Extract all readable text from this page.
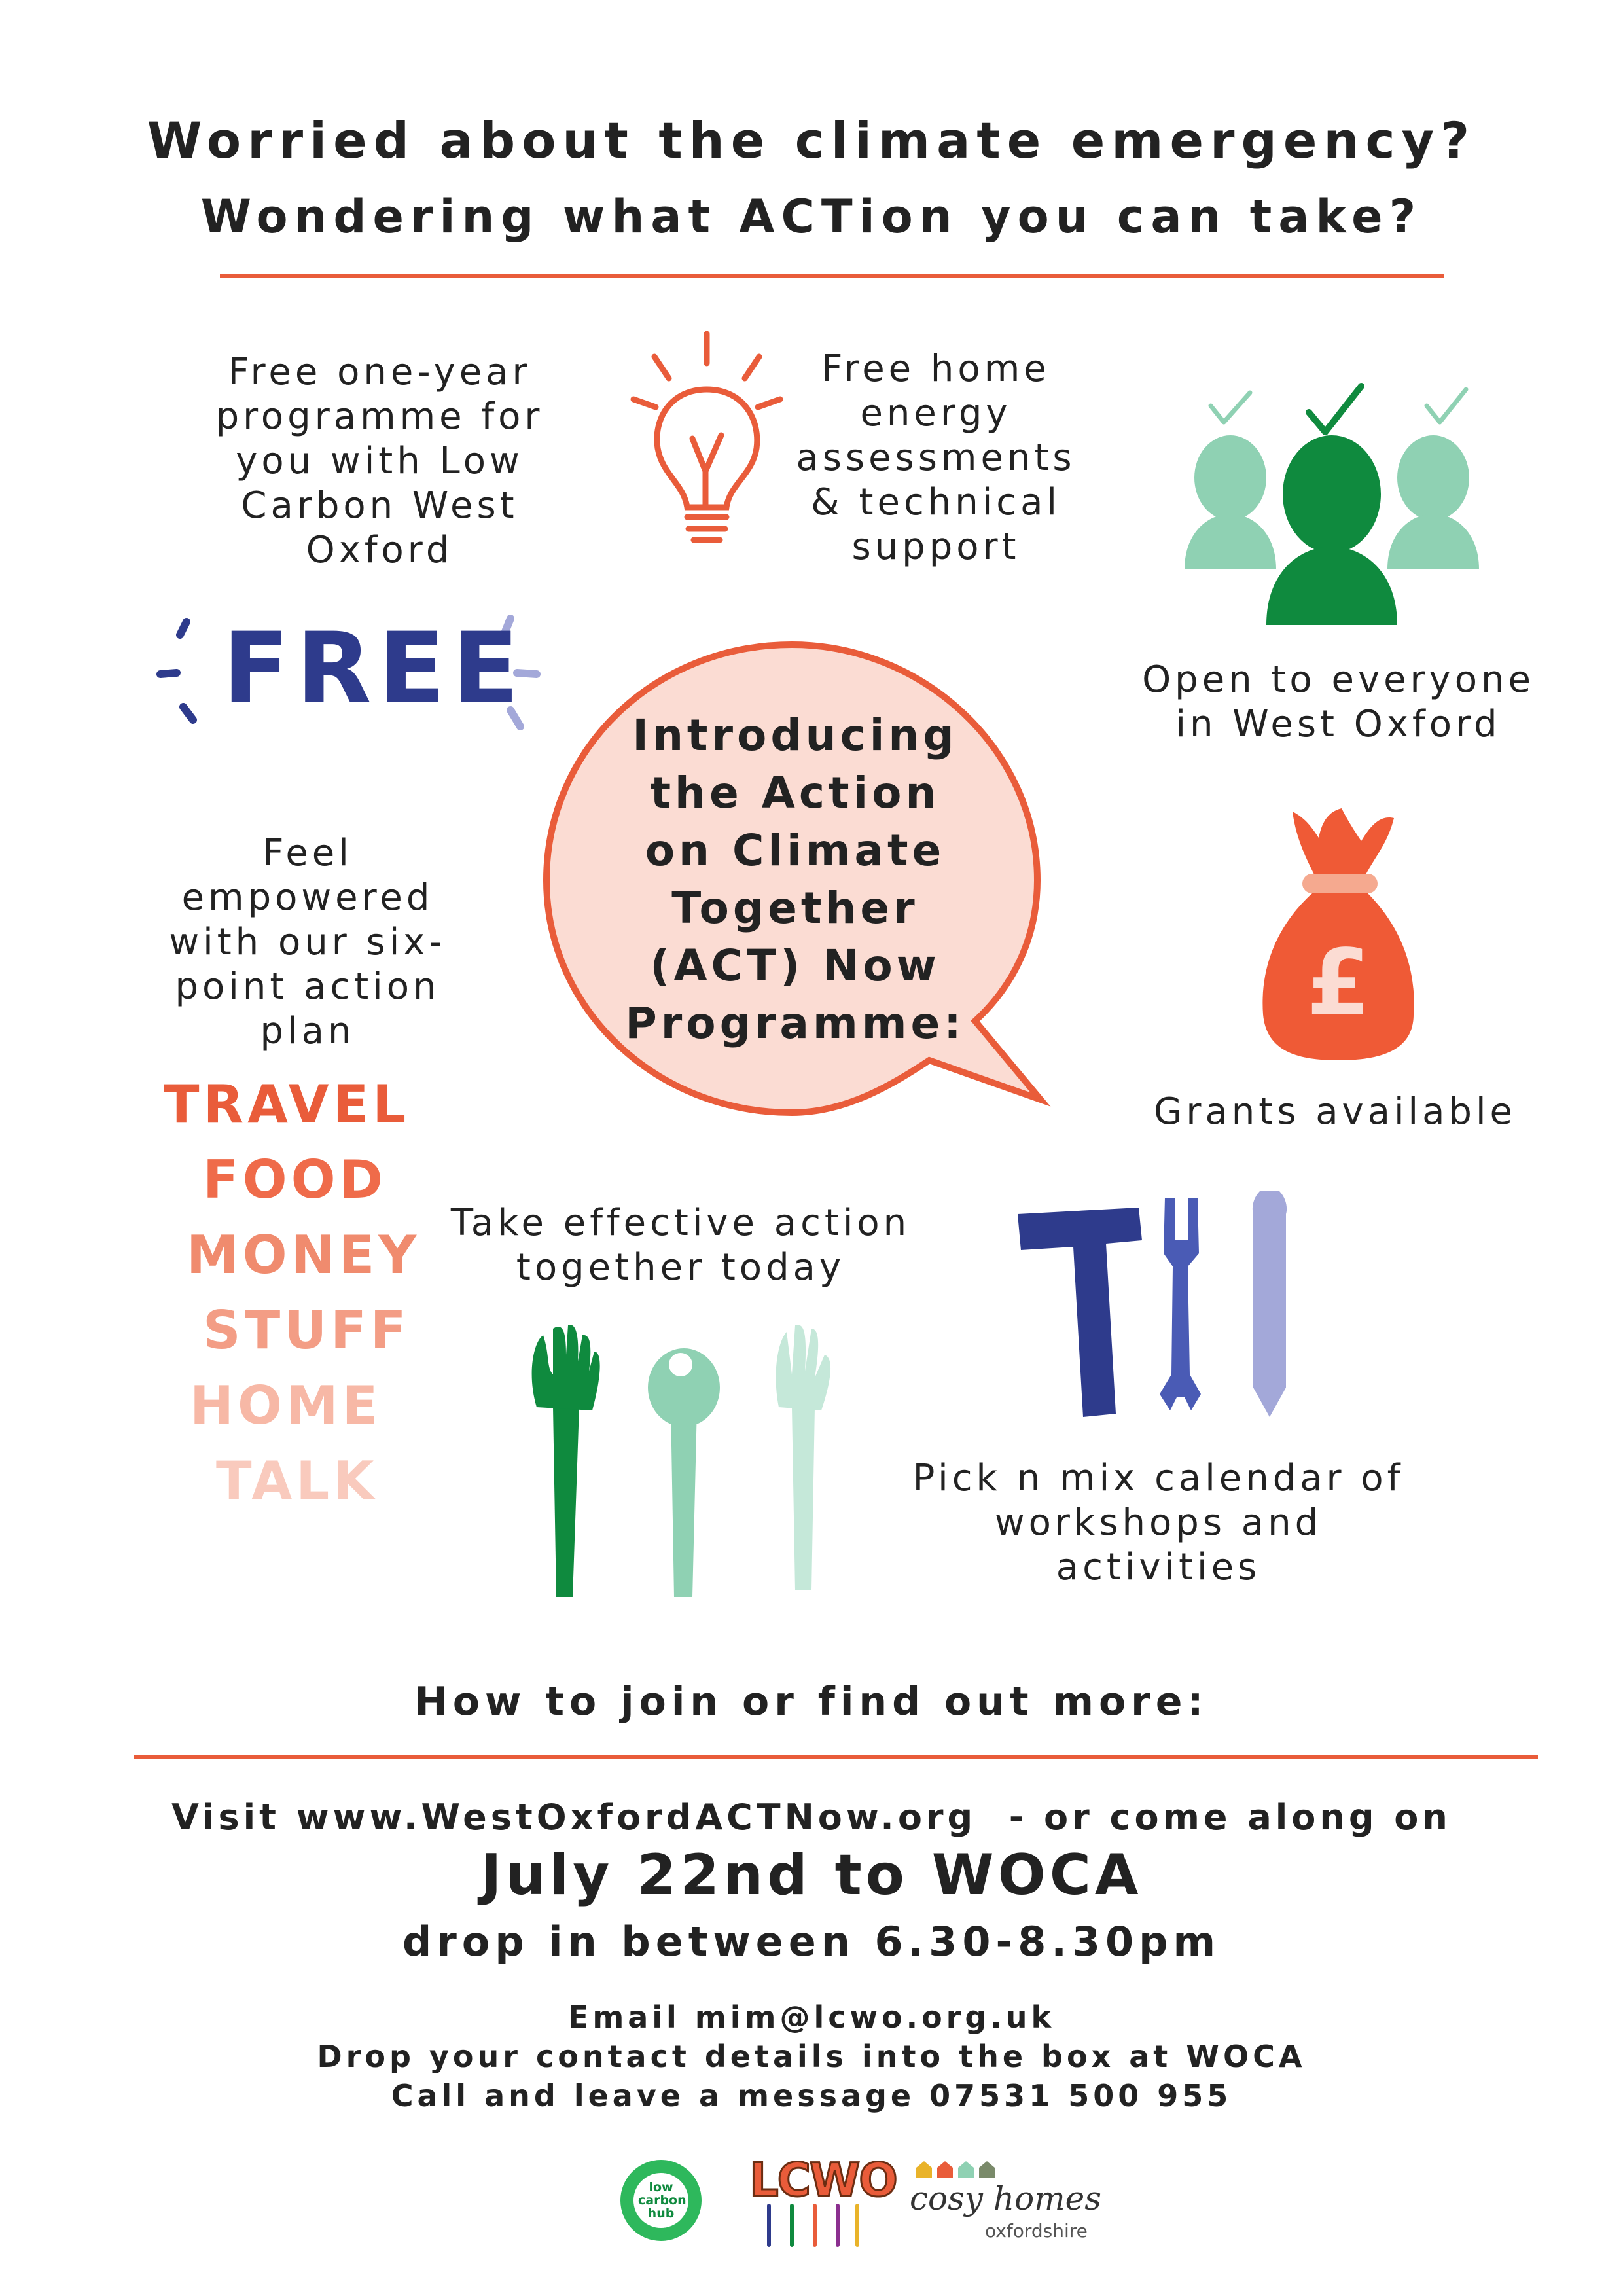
Worried about the climate emergency?
Wondering what ACTion you can take?
Free one-year programme for you with Low Carbon West Oxford
Free home energy assessments & technical support
Open to everyone in West Oxford
FREE
Feel empowered with our six-point action plan
TRAVEL
FOOD
MONEY
STUFF
HOME
TALK
Introducing the Action on Climate Together (ACT) Now Programme:	£
Grants available
Take effective action together today
Pick n mix calendar of workshops and activities
How to join or find out more:
Visit www.WestOxfordACTNow.org  - or come along on
July 22nd to WOCA
drop in between 6.30-8.30pm
Email mim@lcwo.org.uk
Drop your contact details into the box at WOCA
Call and leave a message 07531 500 955
low carbon hub
LCWO cosy homes
oxfordshire
